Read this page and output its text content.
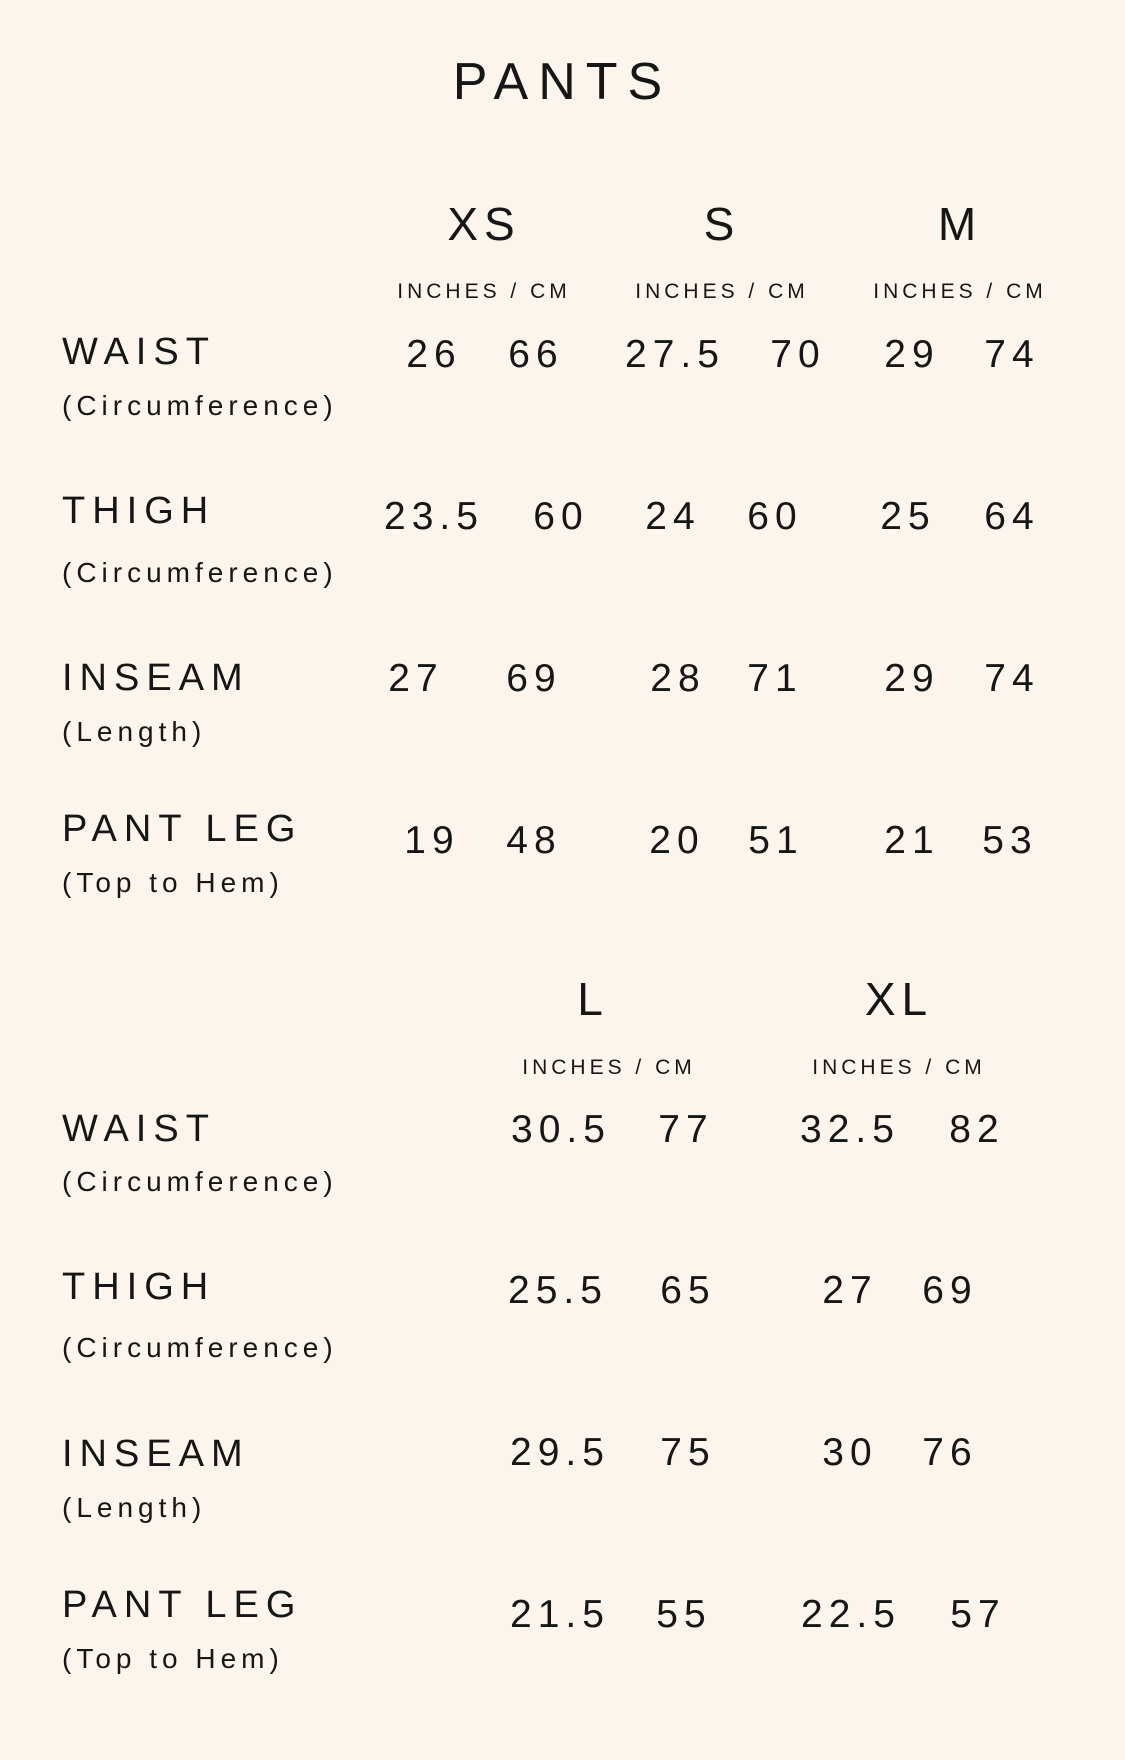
PANTS
XS	S	M
INCHES / CM	INCHES / CM	INCHES / CM
WAIST
(Circumference)
26	66	27.5	70	29	74
THIGH
(Circumference)
23.5	60	24	60	25	64
INSEAM
(Length)
27	69	28	71	29	74
PANT LEG
(Top to Hem)
19	48	20	51	21	53
L	XL
INCHES / CM	INCHES / CM
WAIST
(Circumference)
30.5	77	32.5	82
THIGH
(Circumference)
25.5	65	27	69
INSEAM
(Length)
29.5	75	30	76
PANT LEG
(Top to Hem)
21.5	55	22.5	57
